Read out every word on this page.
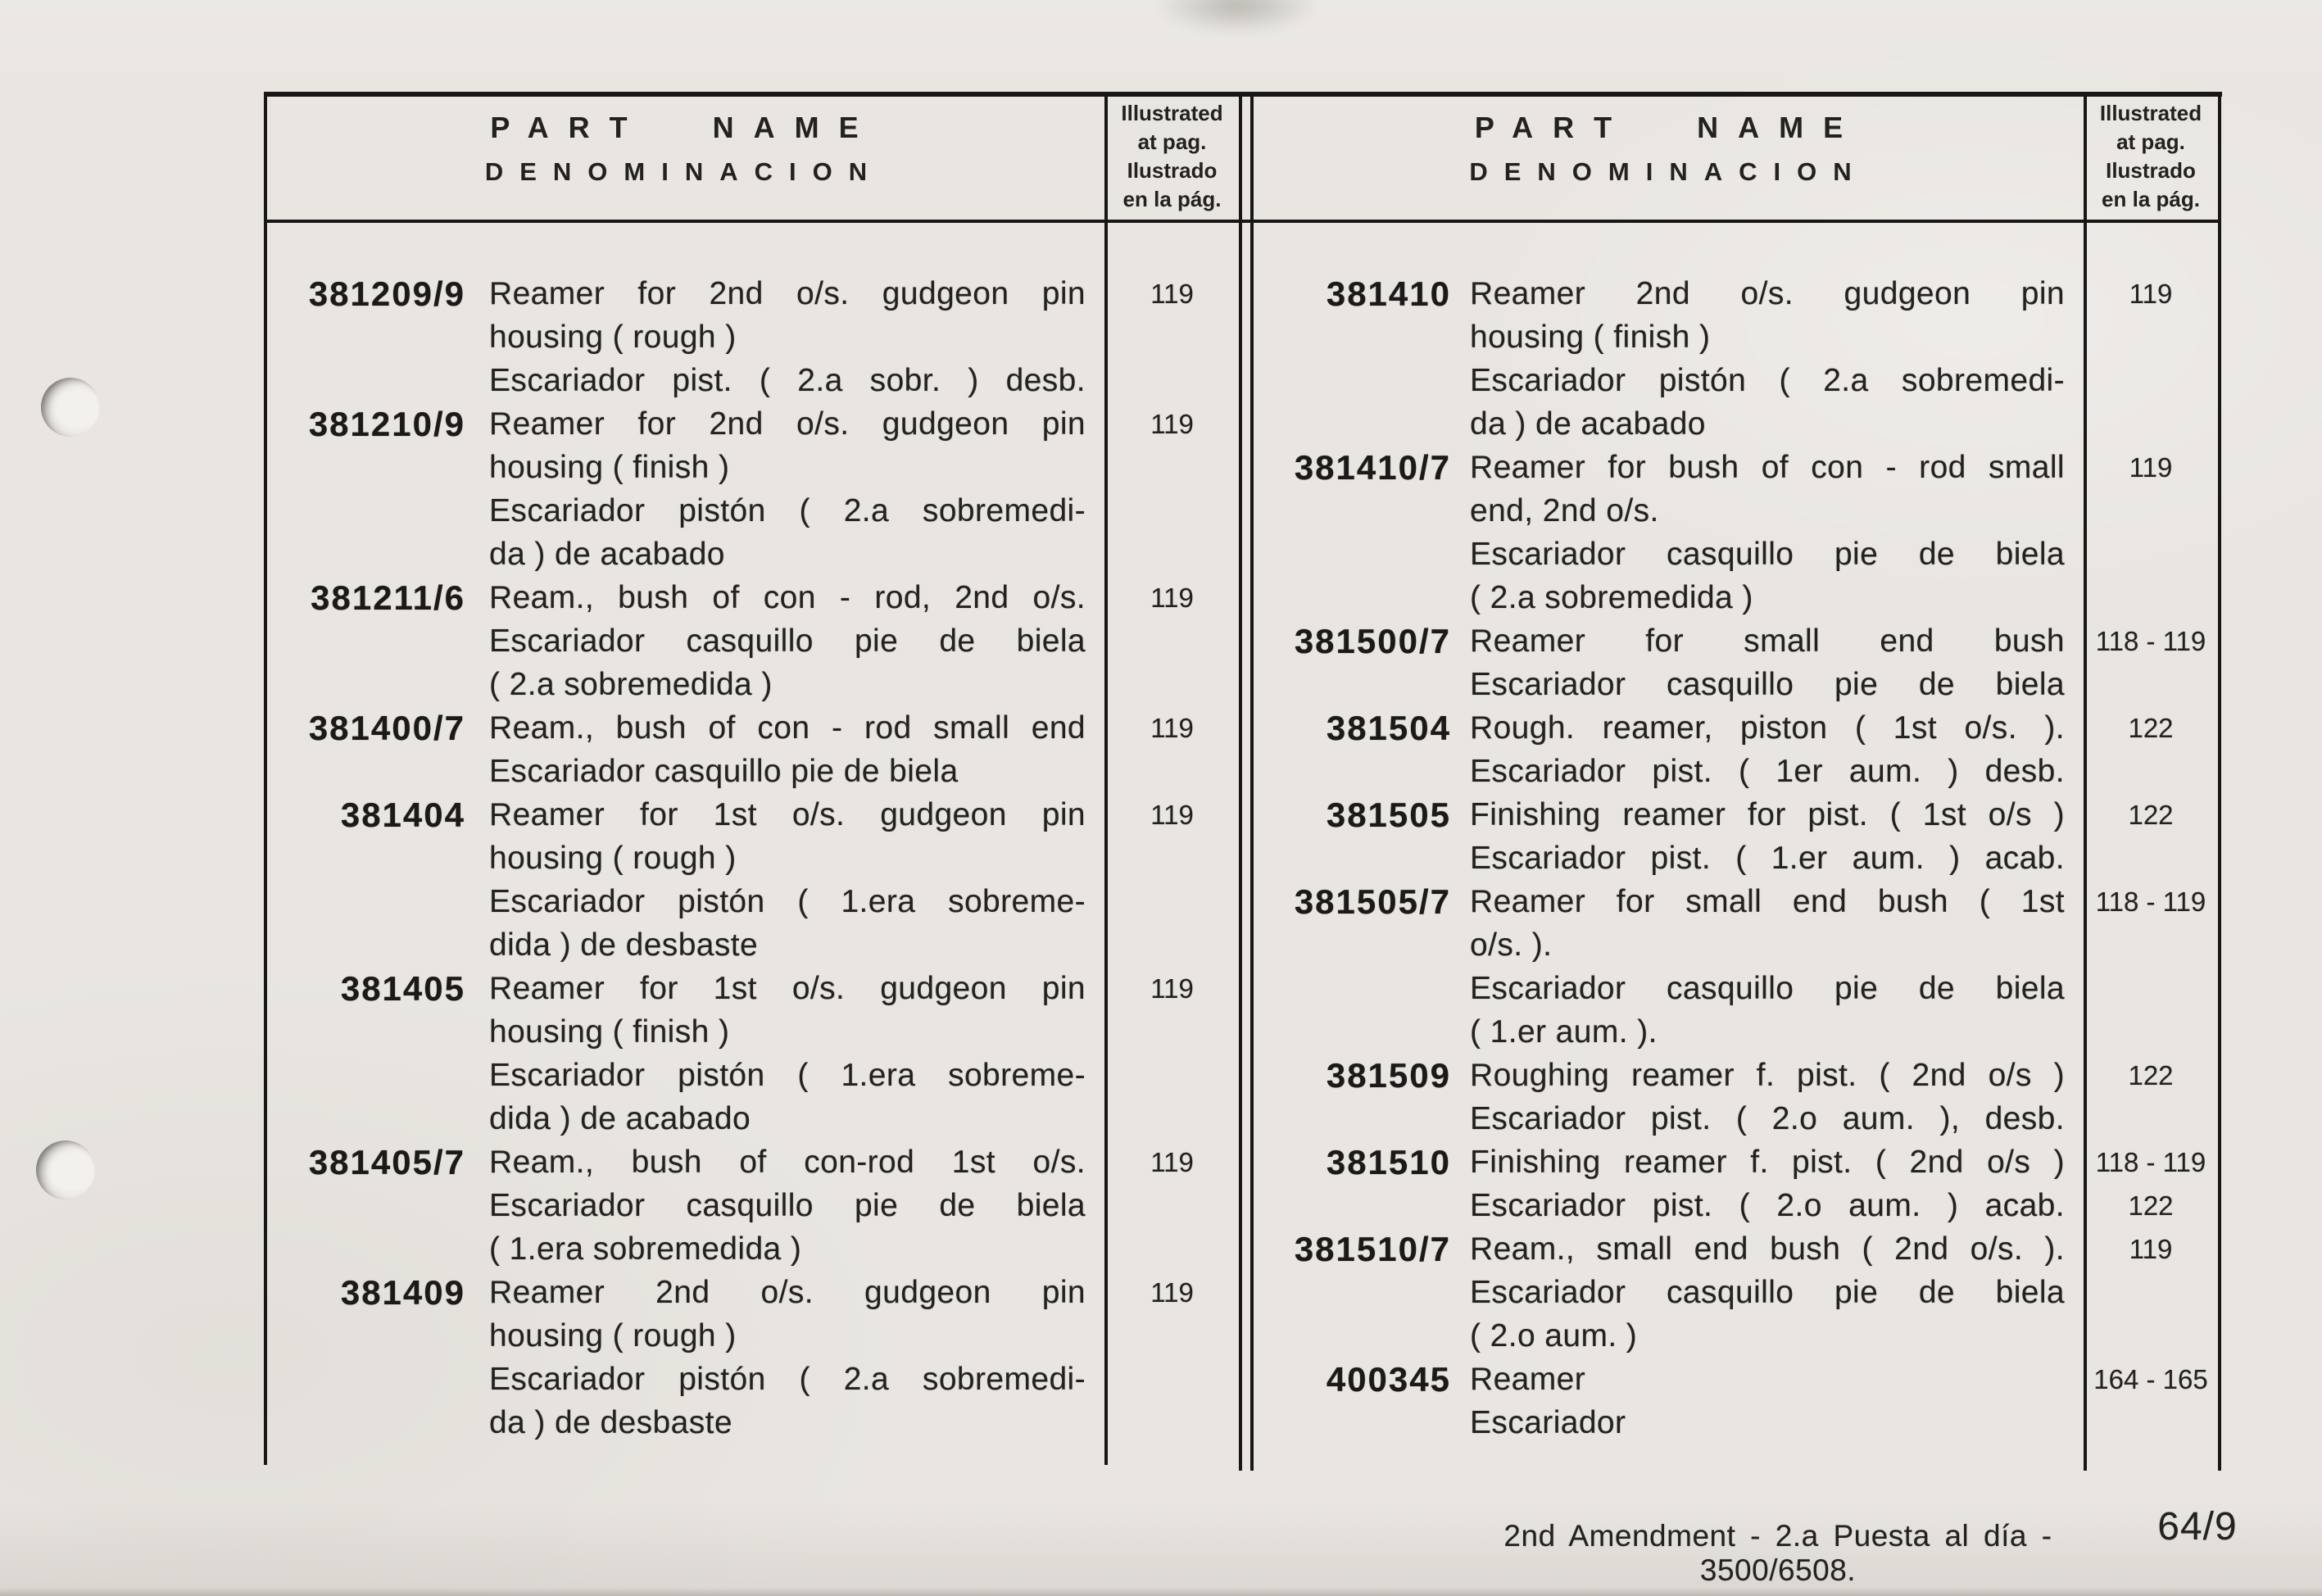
PART NAME
DENOMINACION
PART NAME
DENOMINACION
Illustrated
at pag.
Ilustrado
en la pág.
Illustrated
at pag.
Ilustrado
en la pág.
381209/9 Reamer for 2nd o/s. gudgeon pin
housing ( rough )
Escariador pist. ( 2.a sobr. ) desb.
119
381210/9 Reamer for 2nd o/s. gudgeon pin
housing ( finish )
Escariador pistón ( 2.a sobremedi-
da ) de acabado
119
381211/6 Ream., bush of con - rod, 2nd o/s.
Escariador casquillo pie de biela
( 2.a sobremedida )
119
381400/7 Ream., bush of con - rod small end
Escariador casquillo pie de biela
119
381404 Reamer for 1st o/s. gudgeon pin
housing ( rough )
Escariador pistón ( 1.era sobreme-
dida ) de desbaste
119
381405 Reamer for 1st o/s. gudgeon pin
housing ( finish )
Escariador pistón ( 1.era sobreme-
dida ) de acabado
119
381405/7 Ream., bush of con-rod 1st o/s.
Escariador casquillo pie de biela
( 1.era sobremedida )
119
381409 Reamer 2nd o/s. gudgeon pin
housing ( rough )
Escariador pistón ( 2.a sobremedi-
da ) de desbaste
119
381410 Reamer 2nd o/s. gudgeon pin
housing ( finish )
Escariador pistón ( 2.a sobremedi-
da ) de acabado
119
381410/7 Reamer for bush of con - rod small
end, 2nd o/s.
Escariador casquillo pie de biela
( 2.a sobremedida )
119
381500/7 Reamer for small end bush
Escariador casquillo pie de biela
118 - 119
381504 Rough. reamer, piston ( 1st o/s. ).
Escariador pist. ( 1er aum. ) desb.
122
381505 Finishing reamer for pist. ( 1st o/s )
Escariador pist. ( 1.er aum. ) acab.
122
381505/7 Reamer for small end bush ( 1st
o/s. ).
Escariador casquillo pie de biela
( 1.er aum. ).
118 - 119
381509 Roughing reamer f. pist. ( 2nd o/s )
Escariador pist. ( 2.o aum. ), desb.
122
381510 Finishing reamer f. pist. ( 2nd o/s )
Escariador pist. ( 2.o aum. ) acab.
118 - 119
122
381510/7 Ream., small end bush ( 2nd o/s. ).
Escariador casquillo pie de biela
( 2.o aum. )
119
400345 Reamer
Escariador
164 - 165
2nd Amendment - 2.a Puesta al día - 3500/6508.
64/9
